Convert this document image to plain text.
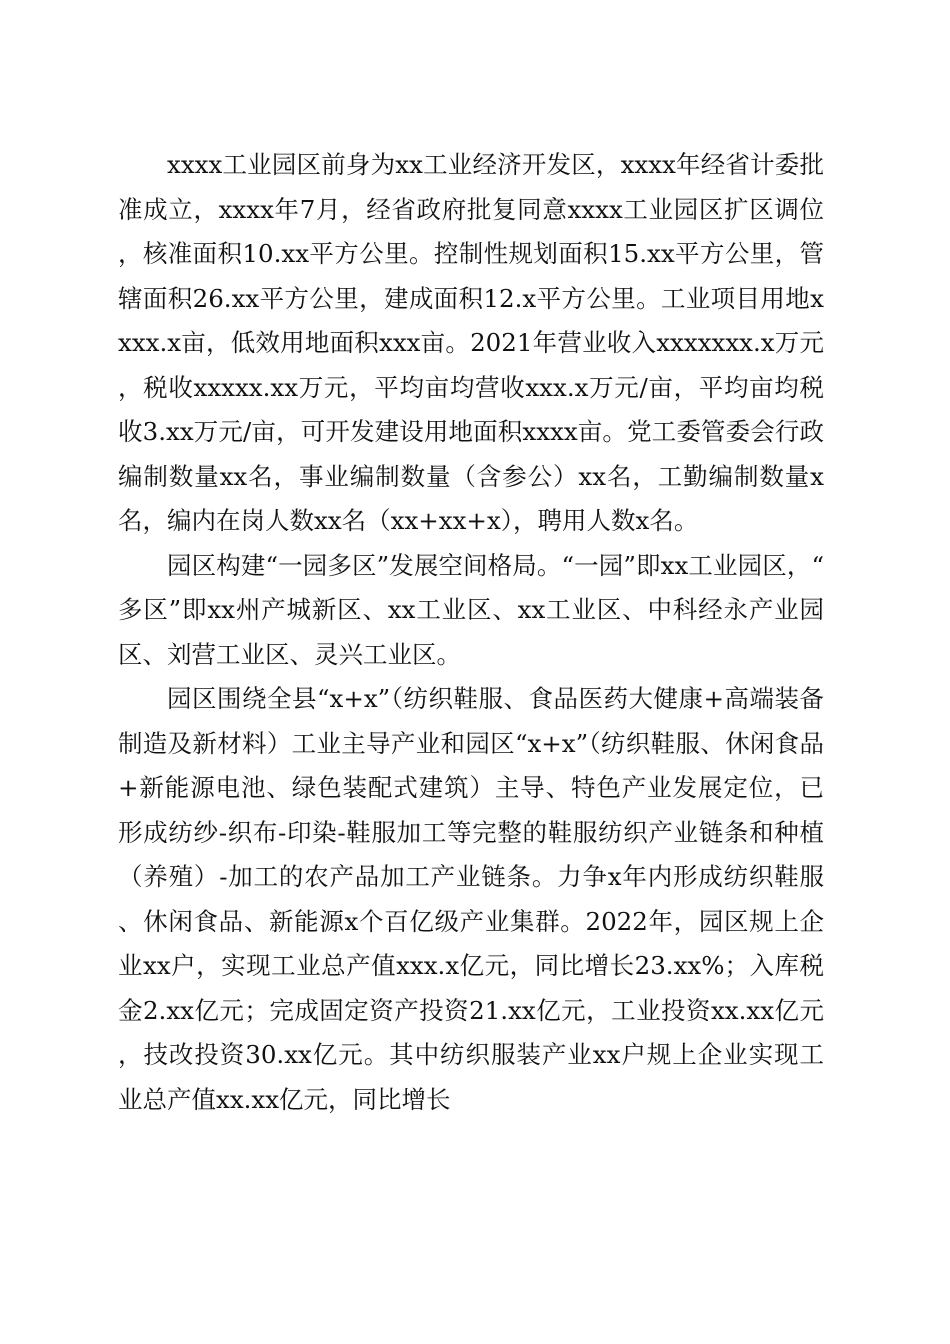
xxxx工业园区前身为xx工业经济开发区，xxxx年经省计委批准成立，xxxx年7月，经省政府批复同意xxxx工业园区扩区调位，核准面积10.xx平方公里。控制性规划面积15.xx平方公里，管辖面积26.xx平方公里，建成面积12.x平方公里。工业项目用地xxxx.x亩，低效用地面积xxx亩。2021年营业收入xxxxxxx.x万元，税收xxxxx.xx万元，平均亩均营收xxx.x万元/亩，平均亩均税收3.xx万元/亩，可开发建设用地面积xxxx亩。党工委管委会行政编制数量xx名，事业编制数量（含参公）xx名，工勤编制数量x名，编内在岗人数xx名（xx+xx+x），聘用人数x名。

园区构建“一园多区”发展空间格局。“一园”即xx工业园区，“多区”即xx州产城新区、xx工业区、xx工业区、中科经永产业园区、刘营工业区、灵兴工业区。

园区围绕全县“x+x”（纺织鞋服、食品医药大健康+高端装备制造及新材料）工业主导产业和园区“x+x”（纺织鞋服、休闲食品+新能源电池、绿色装配式建筑）主导、特色产业发展定位，已形成纺纱-织布-印染-鞋服加工等完整的鞋服纺织产业链条和种植（养殖）-加工的农产品加工产业链条。力争x年内形成纺织鞋服、休闲食品、新能源x个百亿级产业集群。2022年，园区规上企业xx户，实现工业总产值xxx.x亿元，同比增长23.xx%；入库税金2.xx亿元；完成固定资产投资21.xx亿元，工业投资xx.xx亿元，技改投资30.xx亿元。其中纺织服装产业xx户规上企业实现工业总产值xx.xx亿元，同比增长
